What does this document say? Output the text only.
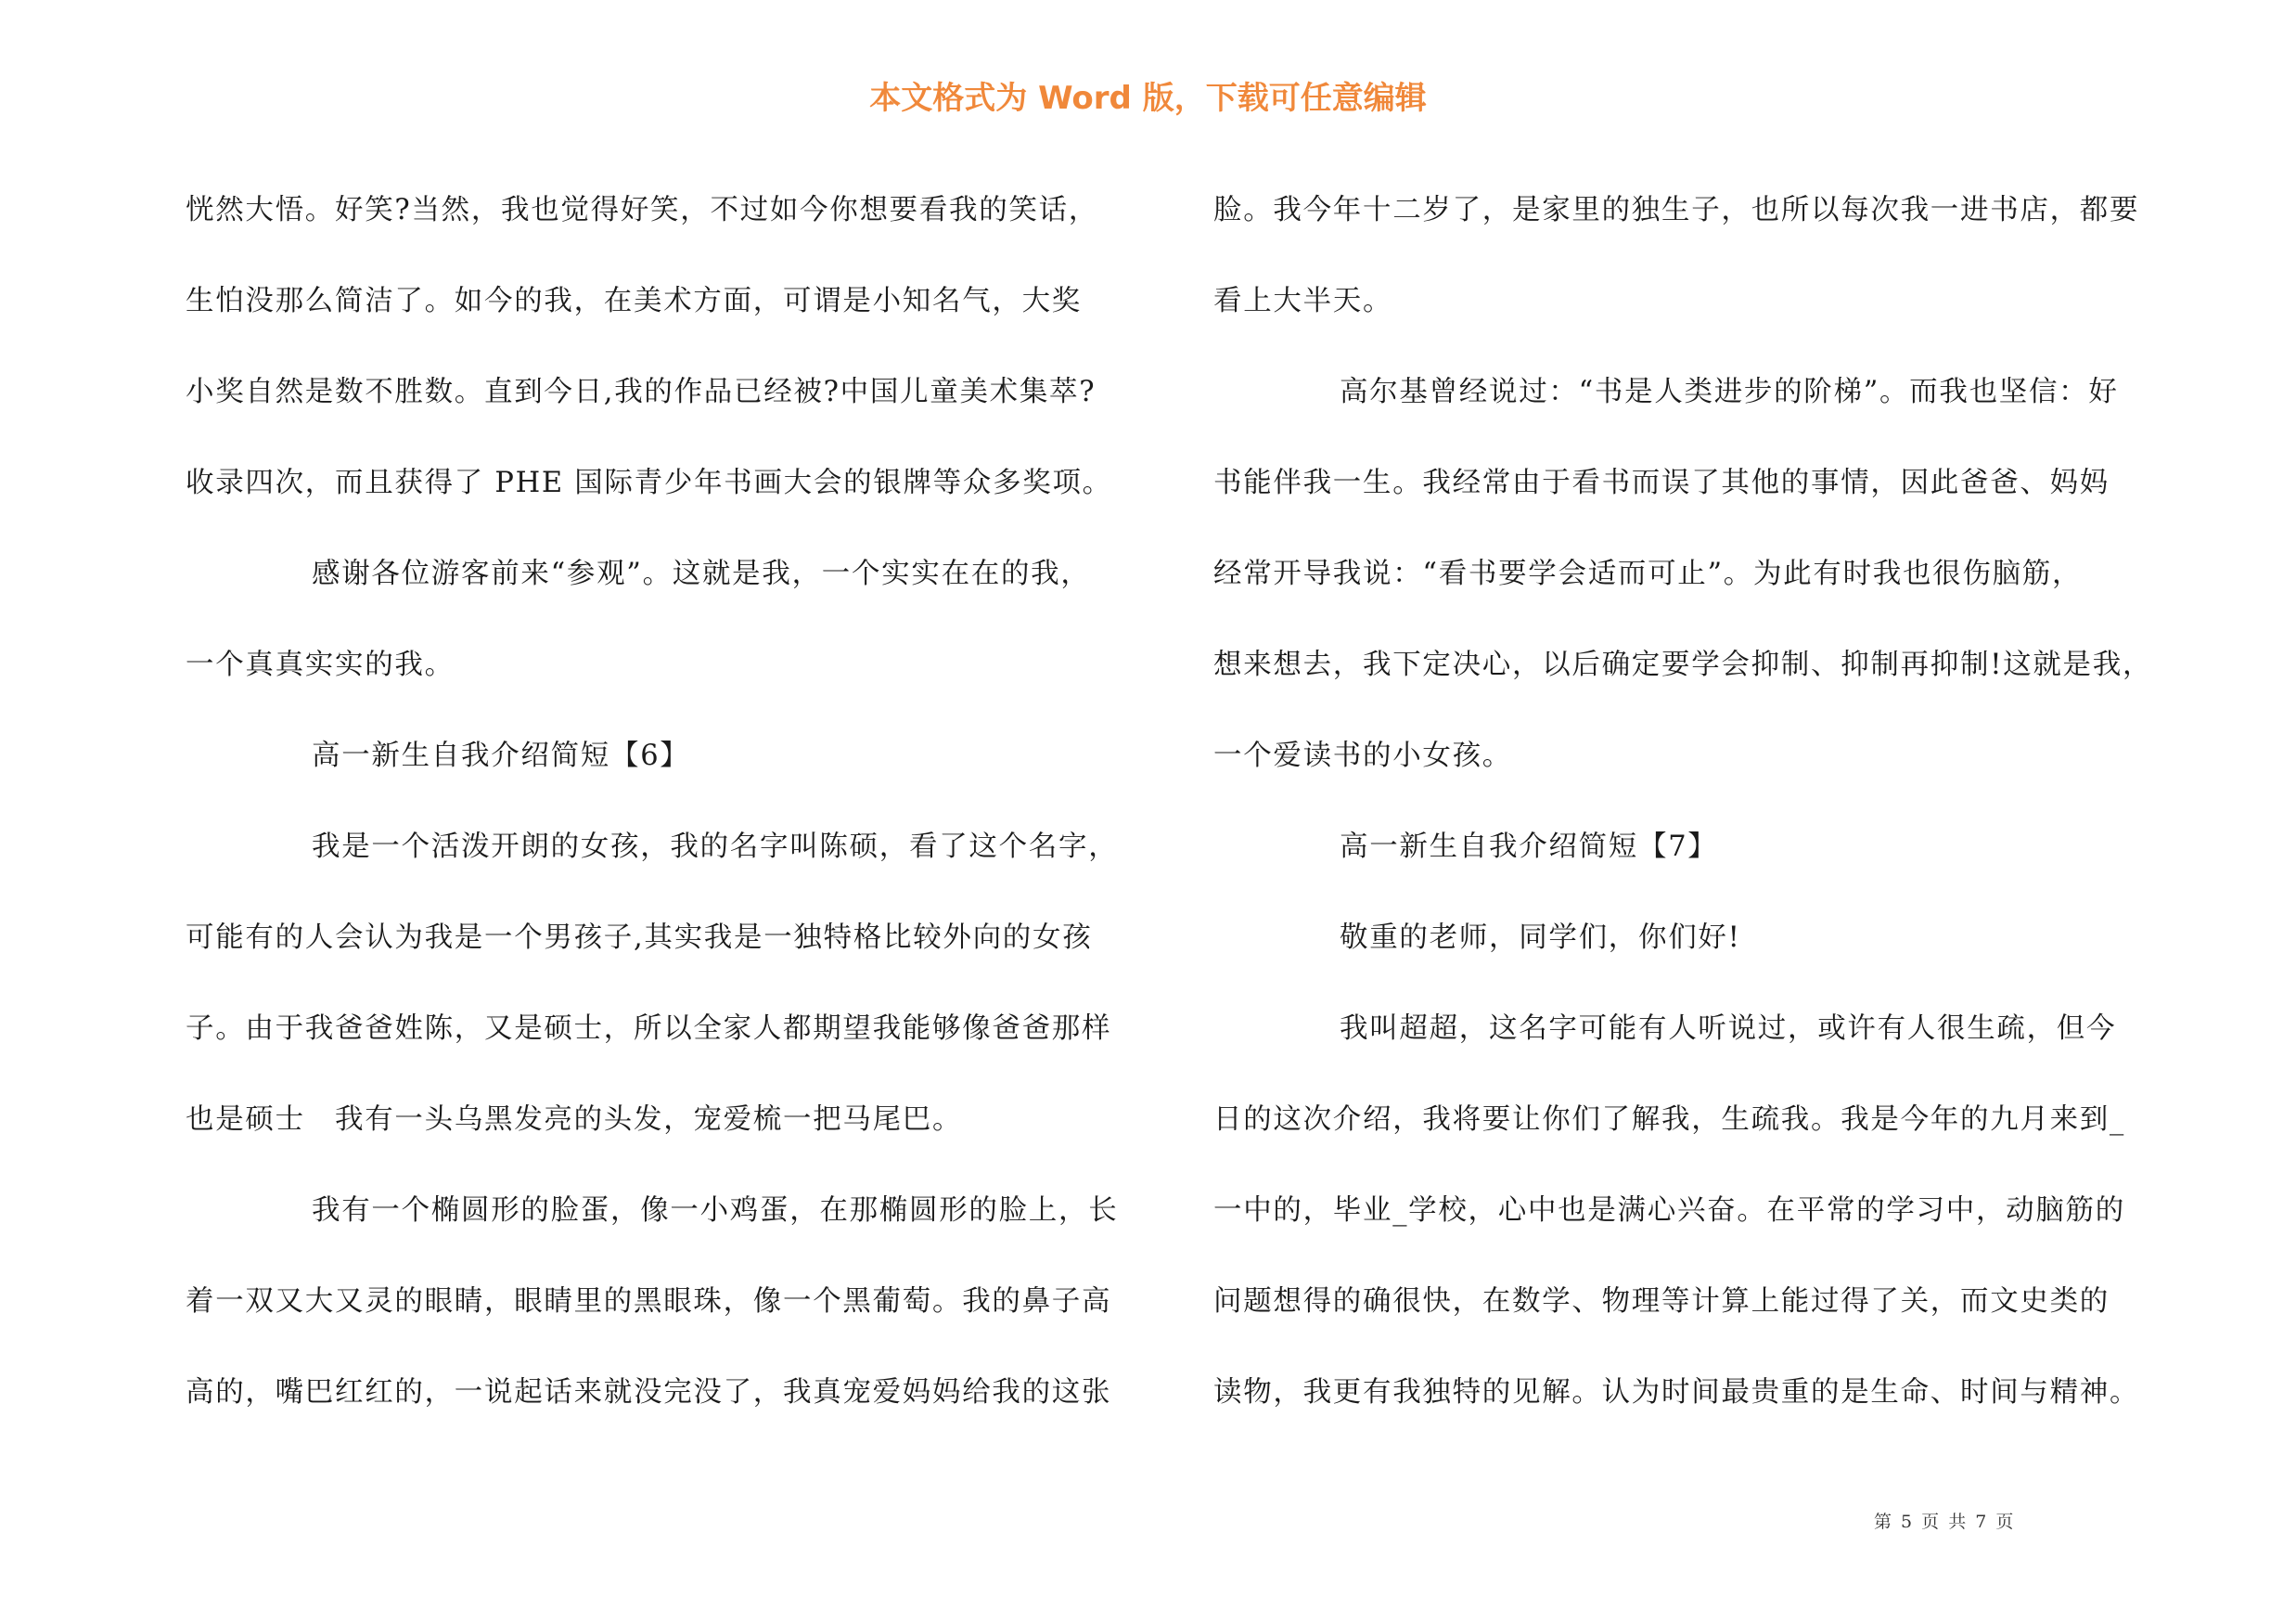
本文格式为 Word 版，下载可任意编辑
恍然大悟。好笑?当然，我也觉得好笑，不过如今你想要看我的笑话，
生怕没那么简洁了。如今的我，在美术方面，可谓是小知名气，大奖
小奖自然是数不胜数。直到今日,我的作品已经被?中国儿童美术集萃?
收录四次，而且获得了 PHE 国际青少年书画大会的银牌等众多奖项。
感谢各位游客前来“参观”。这就是我，一个实实在在的我，
一个真真实实的我。
高一新生自我介绍简短【6】
我是一个活泼开朗的女孩，我的名字叫陈硕，看了这个名字，
可能有的人会认为我是一个男孩子,其实我是一独特格比较外向的女孩
子。由于我爸爸姓陈，又是硕士，所以全家人都期望我能够像爸爸那样
也是硕士　我有一头乌黑发亮的头发，宠爱梳一把马尾巴。
我有一个椭圆形的脸蛋，像一小鸡蛋，在那椭圆形的脸上，长
着一双又大又灵的眼睛，眼睛里的黑眼珠，像一个黑葡萄。我的鼻子高
高的，嘴巴红红的，一说起话来就没完没了，我真宠爱妈妈给我的这张
脸。我今年十二岁了，是家里的独生子，也所以每次我一进书店，都要
看上大半天。
高尔基曾经说过：“书是人类进步的阶梯”。而我也坚信：好
书能伴我一生。我经常由于看书而误了其他的事情，因此爸爸、妈妈
经常开导我说：“看书要学会适而可止”。为此有时我也很伤脑筋，
想来想去，我下定决心，以后确定要学会抑制、抑制再抑制!这就是我，
一个爱读书的小女孩。
高一新生自我介绍简短【7】
敬重的老师，同学们，你们好!
我叫超超，这名字可能有人听说过，或许有人很生疏，但今
日的这次介绍，我将要让你们了解我，生疏我。我是今年的九月来到_
一中的，毕业_学校，心中也是满心兴奋。在平常的学习中，动脑筋的
问题想得的确很快，在数学、物理等计算上能过得了关，而文史类的
读物，我更有我独特的见解。认为时间最贵重的是生命、时间与精神。
第 5 页 共 7 页
